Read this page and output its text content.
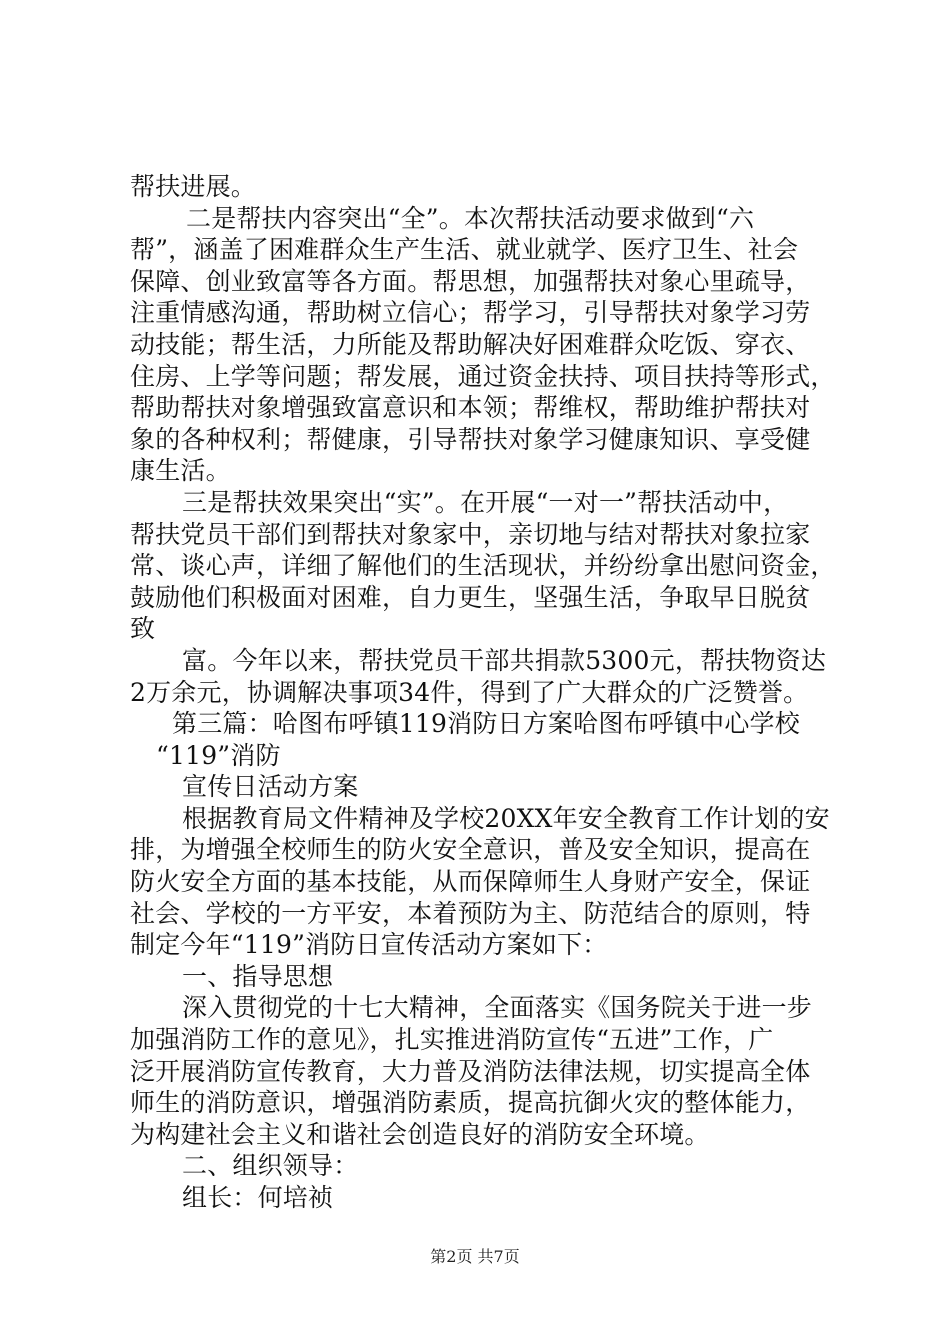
帮扶进展。
二是帮扶内容突出“全”。本次帮扶活动要求做到“六
帮”，涵盖了困难群众生产生活、就业就学、医疗卫生、社会
保障、创业致富等各方面。帮思想，加强帮扶对象心里疏导，
注重情感沟通，帮助树立信心；帮学习，引导帮扶对象学习劳
动技能；帮生活，力所能及帮助解决好困难群众吃饭、穿衣、
住房、上学等问题；帮发展，通过资金扶持、项目扶持等形式，
帮助帮扶对象增强致富意识和本领；帮维权，帮助维护帮扶对
象的各种权利；帮健康，引导帮扶对象学习健康知识、享受健
康生活。
三是帮扶效果突出“实”。在开展“一对一”帮扶活动中，
帮扶党员干部们到帮扶对象家中，亲切地与结对帮扶对象拉家
常、谈心声，详细了解他们的生活现状，并纷纷拿出慰问资金，
鼓励他们积极面对困难，自力更生，坚强生活，争取早日脱贫
致
富。今年以来，帮扶党员干部共捐款5300元，帮扶物资达
2万余元，协调解决事项34件，得到了广大群众的广泛赞誉。
第三篇：哈图布呼镇119消防日方案哈图布呼镇中心学校
“119”消防
宣传日活动方案
根据教育局文件精神及学校20XX年安全教育工作计划的安
排，为增强全校师生的防火安全意识，普及安全知识，提高在
防火安全方面的基本技能，从而保障师生人身财产安全，保证
社会、学校的一方平安，本着预防为主、防范结合的原则，特
制定今年“119”消防日宣传活动方案如下：
一、指导思想
深入贯彻党的十七大精神，全面落实《国务院关于进一步
加强消防工作的意见》，扎实推进消防宣传“五进”工作，广
泛开展消防宣传教育，大力普及消防法律法规，切实提高全体
师生的消防意识，增强消防素质，提高抗御火灾的整体能力，
为构建社会主义和谐社会创造良好的消防安全环境。
二、组织领导：
组长：何培祯
第2页 共7页
